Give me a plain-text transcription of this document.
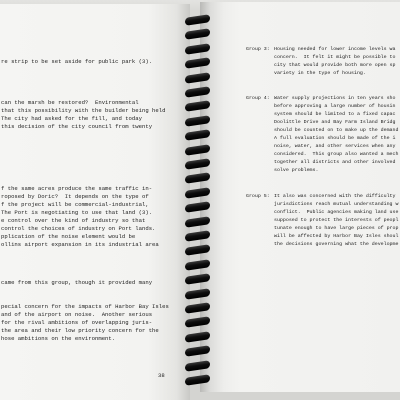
re strip to be set aside for public park (3).
can the marsh be restored?  Environmental
that this possibility with the builder being held
The city had asked for the fill, and today
this decision of the city council from twenty
f the same acres produce the same traffic in-
roposed by Doric?  It depends on the type of
f the project will be commercial-industrial,
The Port is negotiating to use that land (3).
e control over the kind of industry so that
control the choices of industry on Port lands.
pplication of the noise element would be
ollins airport expansion in its industrial area
came from this group, though it provided many
pecial concern for the impacts of Harbor Bay Isles
and of the airport on noise.  Another serious
for the rival ambitions of overlapping juris-
the area and their low priority concern for the
hose ambitions on the environment.
38
Group 3: Housing needed for lower income levels wa
concern.  It felt it might be possible to
city that would provide both more open sp
variety in the type of housing.
Group 4: Water supply projections in ten years sho
before approving a large number of housin
system should be limited to a fixed capac
Doolittle Drive and Bay Farm Island Bridg
should be counted on to make up the demand
A full evaluation should be made of the i
noise, water, and other services when any
considered.  This group also wanted a mech
together all districts and other involved
solve problems.
Group 5: It also was concerned with the difficulty
jurisdictions reach mutual understanding w
conflict.  Public agencies making land use
supposed to protect the interests of peopl
tunate enough to have large pieces of prop
will be affected by Harbor Bay Isles shoul
the decisions governing what the developme
